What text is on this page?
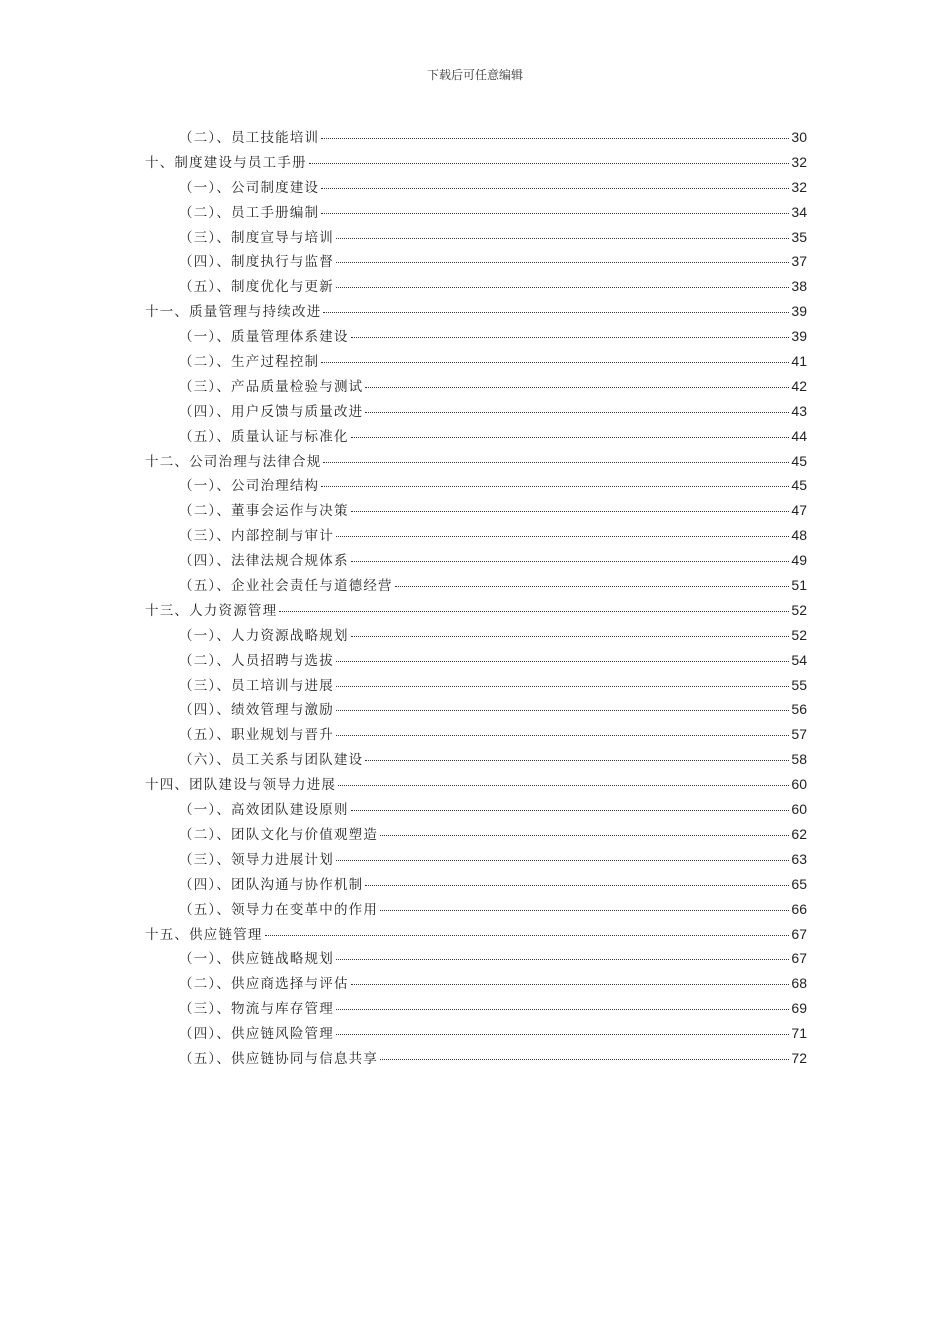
下载后可任意编辑
（二）、员工技能培训	30
十、制度建设与员工手册	32
（一）、公司制度建设	32
（二）、员工手册编制	34
（三）、制度宣导与培训	35
（四）、制度执行与监督	37
（五）、制度优化与更新	38
十一、质量管理与持续改进	39
（一）、质量管理体系建设	39
（二）、生产过程控制	41
（三）、产品质量检验与测试	42
（四）、用户反馈与质量改进	43
（五）、质量认证与标准化	44
十二、公司治理与法律合规	45
（一）、公司治理结构	45
（二）、董事会运作与决策	47
（三）、内部控制与审计	48
（四）、法律法规合规体系	49
（五）、企业社会责任与道德经营	51
十三、人力资源管理	52
（一）、人力资源战略规划	52
（二）、人员招聘与选拔	54
（三）、员工培训与进展	55
（四）、绩效管理与激励	56
（五）、职业规划与晋升	57
（六）、员工关系与团队建设	58
十四、团队建设与领导力进展	60
（一）、高效团队建设原则	60
（二）、团队文化与价值观塑造	62
（三）、领导力进展计划	63
（四）、团队沟通与协作机制	65
（五）、领导力在变革中的作用	66
十五、供应链管理	67
（一）、供应链战略规划	67
（二）、供应商选择与评估	68
（三）、物流与库存管理	69
（四）、供应链风险管理	71
（五）、供应链协同与信息共享	72
